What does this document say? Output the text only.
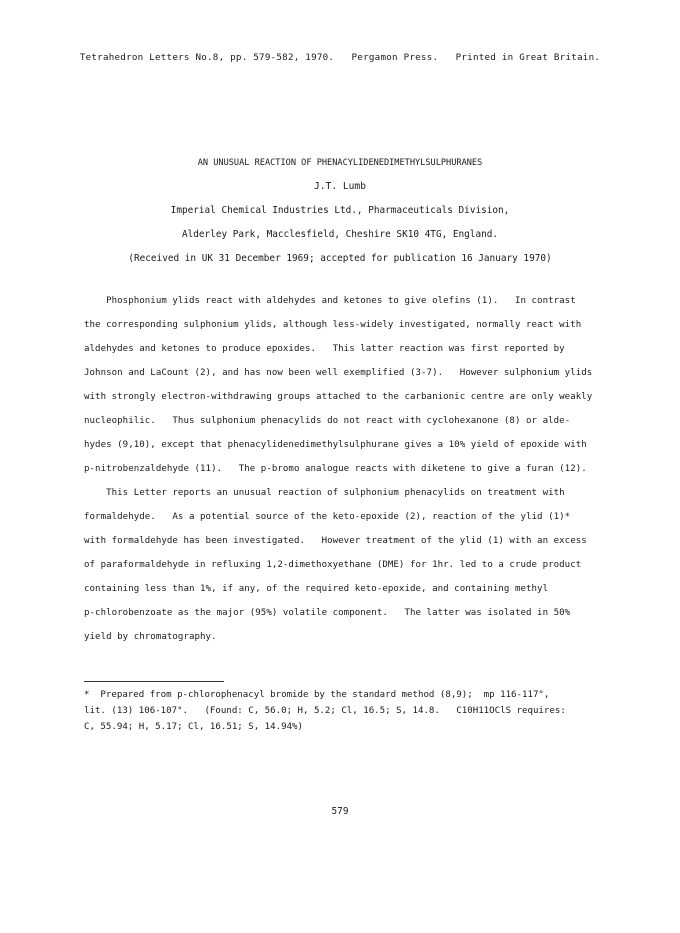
Tetrahedron Letters No.8, pp. 579-582, 1970.   Pergamon Press.   Printed in Great Britain.
AN UNUSUAL REACTION OF PHENACYLIDENEDIMETHYLSULPHURANES
J.T. Lumb
Imperial Chemical Industries Ltd., Pharmaceuticals Division,
Alderley Park, Macclesfield, Cheshire SK10 4TG, England.
(Received in UK 31 December 1969; accepted for publication 16 January 1970)
Phosphonium ylids react with aldehydes and ketones to give olefins (1).   In contrast
the corresponding sulphonium ylids, although less-widely investigated, normally react with
aldehydes and ketones to produce epoxides.   This latter reaction was first reported by
Johnson and LaCount (2), and has now been well exemplified (3-7).   However sulphonium ylids
with strongly electron-withdrawing groups attached to the carbanionic centre are only weakly
nucleophilic.   Thus sulphonium phenacylids do not react with cyclohexanone (8) or alde-
hydes (9,10), except that phenacylidenedimethylsulphurane gives a 10% yield of epoxide with
p-nitrobenzaldehyde (11).   The p-bromo analogue reacts with diketene to give a furan (12).
This Letter reports an unusual reaction of sulphonium phenacylids on treatment with
formaldehyde.   As a potential source of the keto-epoxide (2), reaction of the ylid (1)*
with formaldehyde has been investigated.   However treatment of the ylid (1) with an excess
of paraformaldehyde in refluxing 1,2-dimethoxyethane (DME) for 1hr. led to a crude product
containing less than 1%, if any, of the required keto-epoxide, and containing methyl
p-chlorobenzoate as the major (95%) volatile component.   The latter was isolated in 50%
yield by chromatography.
*  Prepared from p-chlorophenacyl bromide by the standard method (8,9);  mp 116-117°,
lit. (13) 106-107°.   (Found: C, 56.0; H, 5.2; Cl, 16.5; S, 14.8.   C10H11OClS requires:
C, 55.94; H, 5.17; Cl, 16.51; S, 14.94%)
579
